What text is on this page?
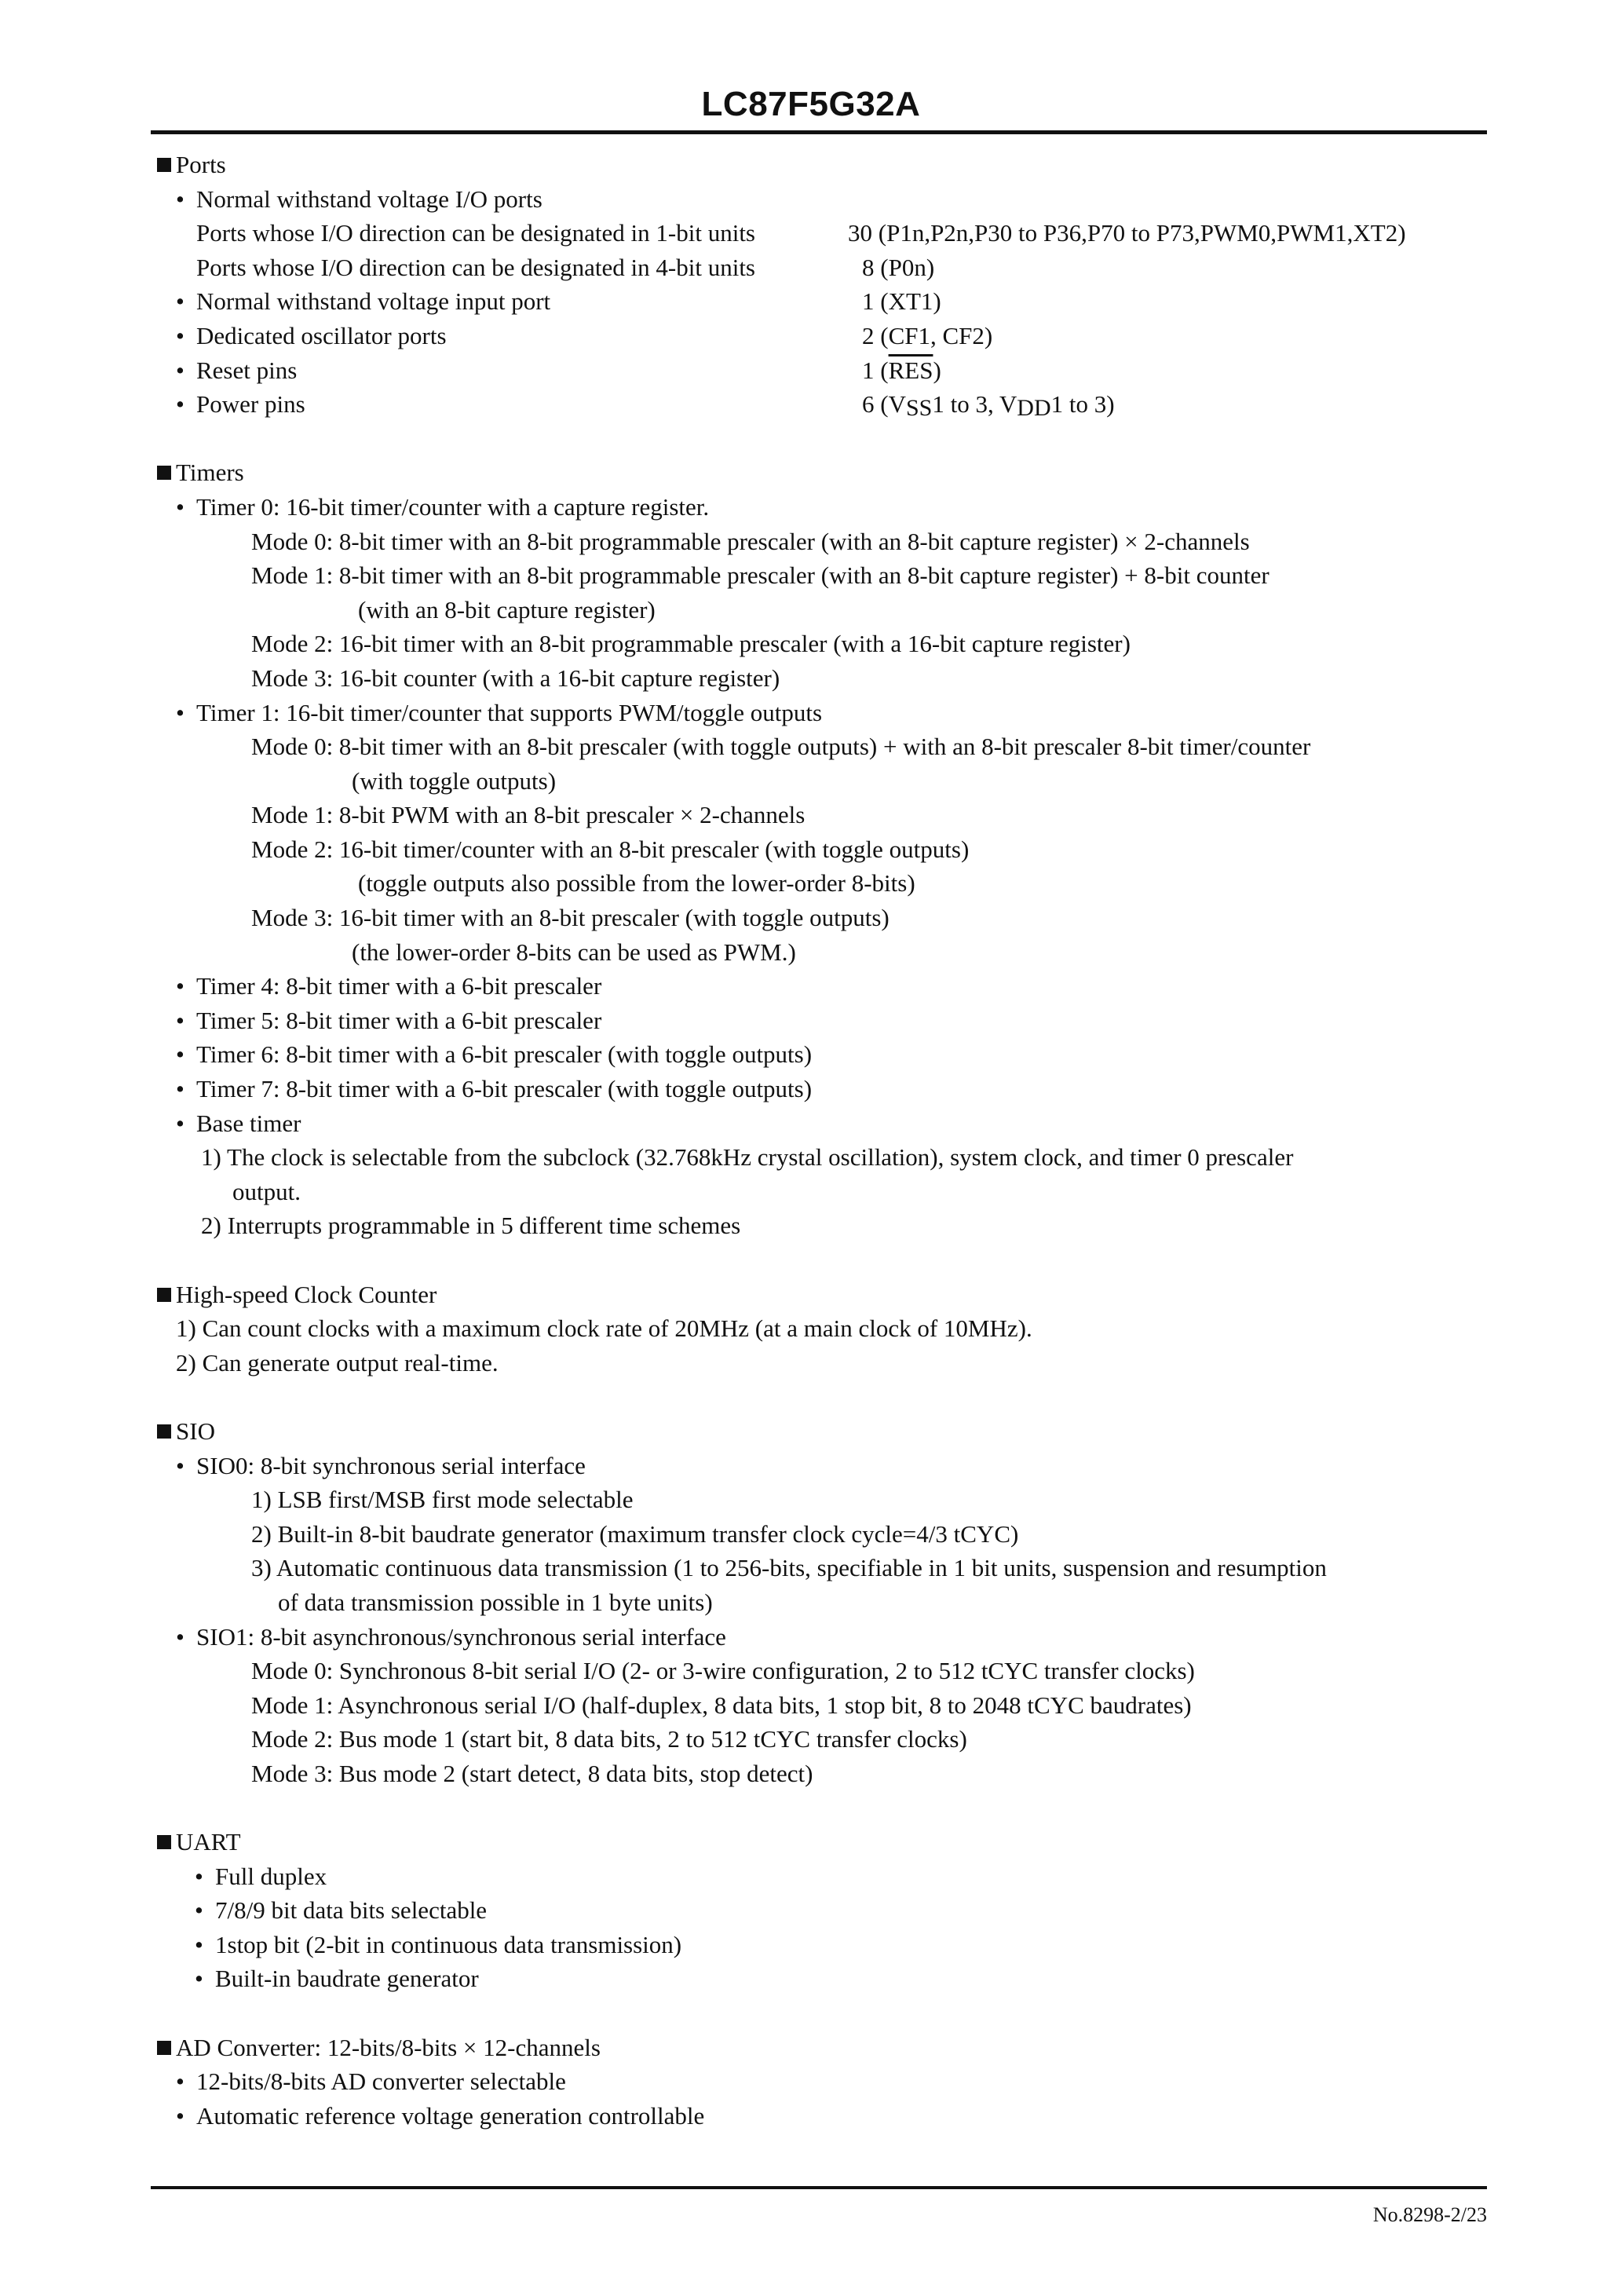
LC87F5G32A
Ports
• Normal withstand voltage I/O ports
Ports whose I/O direction can be designated in 1-bit units	30 (P1n,P2n,P30 to P36,P70 to P73,PWM0,PWM1,XT2)
Ports whose I/O direction can be designated in 4-bit units	8 (P0n)
• Normal withstand voltage input port	1 (XT1)
• Dedicated oscillator ports	2 (CF1, CF2)
• Reset pins	1 $(\overline{RES})$
• Power pins	6 (VSS1 to 3, VDD1 to 3)
Timers
• Timer 0: 16-bit timer/counter with a capture register.
Mode 0: 8-bit timer with an 8-bit programmable prescaler (with an 8-bit capture register) × 2-channels
Mode 1: 8-bit timer with an 8-bit programmable prescaler (with an 8-bit capture register) + 8-bit counter
(with an 8-bit capture register)
Mode 2: 16-bit timer with an 8-bit programmable prescaler (with a 16-bit capture register)
Mode 3: 16-bit counter (with a 16-bit capture register)
• Timer 1: 16-bit timer/counter that supports PWM/toggle outputs
Mode 0: 8-bit timer with an 8-bit prescaler (with toggle outputs) + with an 8-bit prescaler 8-bit timer/counter
(with toggle outputs)
Mode 1: 8-bit PWM with an 8-bit prescaler × 2-channels
Mode 2: 16-bit timer/counter with an 8-bit prescaler (with toggle outputs)
(toggle outputs also possible from the lower-order 8-bits)
Mode 3: 16-bit timer with an 8-bit prescaler (with toggle outputs)
(the lower-order 8-bits can be used as PWM.)
• Timer 4: 8-bit timer with a 6-bit prescaler
• Timer 5: 8-bit timer with a 6-bit prescaler
• Timer 6: 8-bit timer with a 6-bit prescaler (with toggle outputs)
• Timer 7: 8-bit timer with a 6-bit prescaler (with toggle outputs)
• Base timer
1) The clock is selectable from the subclock (32.768kHz crystal oscillation), system clock, and timer 0 prescaler
output.
2) Interrupts programmable in 5 different time schemes
High-speed Clock Counter
1) Can count clocks with a maximum clock rate of 20MHz (at a main clock of 10MHz).
2) Can generate output real-time.
SIO
• SIO0: 8-bit synchronous serial interface
1) LSB first/MSB first mode selectable
2) Built-in 8-bit baudrate generator (maximum transfer clock cycle=4/3 tCYC)
3) Automatic continuous data transmission (1 to 256-bits, specifiable in 1 bit units, suspension and resumption
of data transmission possible in 1 byte units)
• SIO1: 8-bit asynchronous/synchronous serial interface
Mode 0: Synchronous 8-bit serial I/O (2- or 3-wire configuration, 2 to 512 tCYC transfer clocks)
Mode 1: Asynchronous serial I/O (half-duplex, 8 data bits, 1 stop bit, 8 to 2048 tCYC baudrates)
Mode 2: Bus mode 1 (start bit, 8 data bits, 2 to 512 tCYC transfer clocks)
Mode 3: Bus mode 2 (start detect, 8 data bits, stop detect)
UART
• Full duplex
• 7/8/9 bit data bits selectable
• 1stop bit (2-bit in continuous data transmission)
• Built-in baudrate generator
AD Converter: 12-bits/8-bits × 12-channels
• 12-bits/8-bits AD converter selectable
• Automatic reference voltage generation controllable
No.8298-2/23
